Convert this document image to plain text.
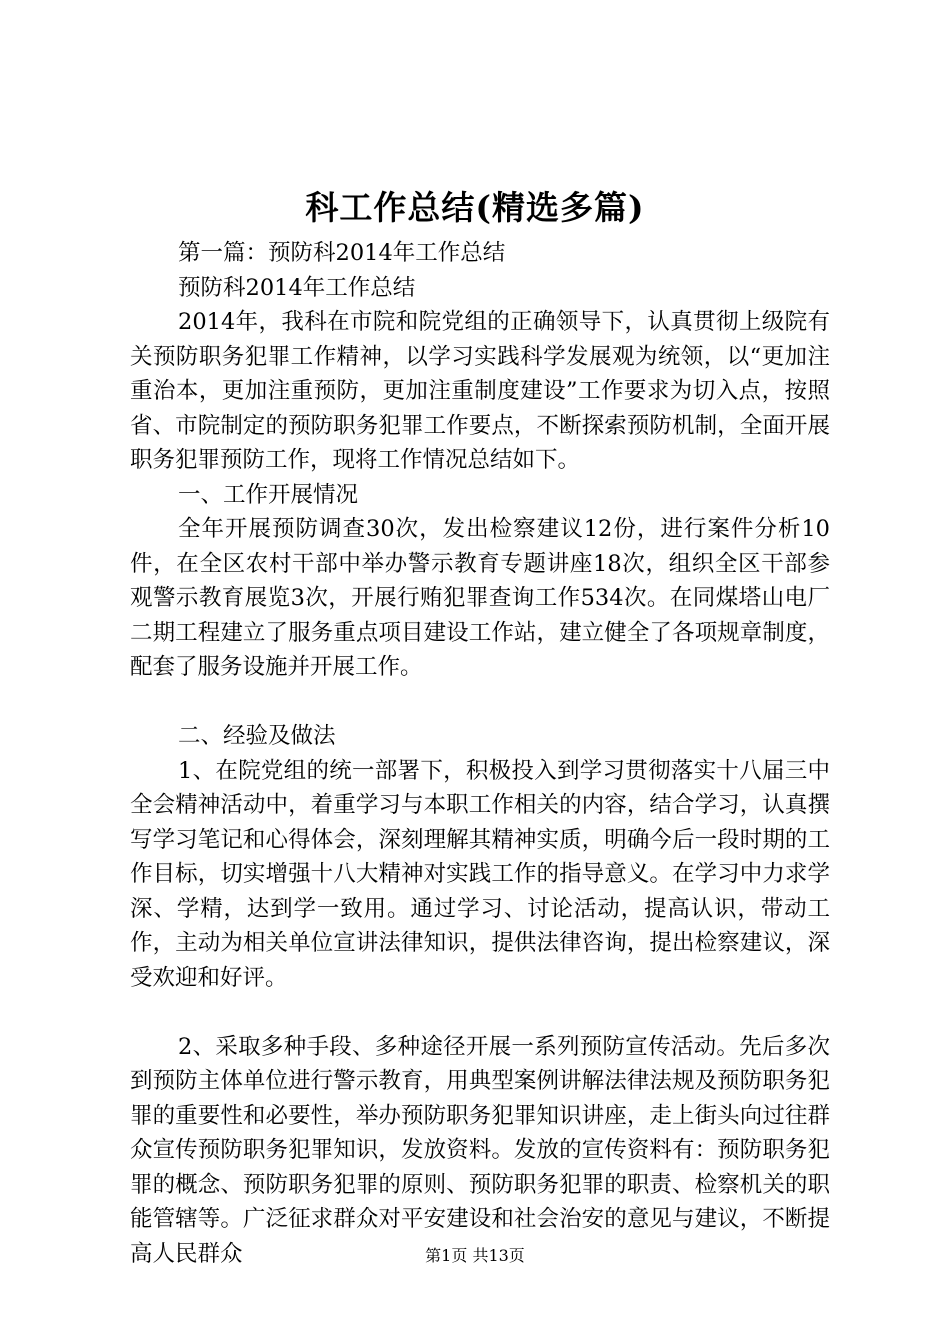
科工作总结(精选多篇)

第一篇：预防科2014年工作总结

预防科2014年工作总结

2014年，我科在市院和院党组的正确领导下，认真贯彻上级院有关预防职务犯罪工作精神，以学习实践科学发展观为统领，以“更加注重治本，更加注重预防，更加注重制度建设”工作要求为切入点，按照省、市院制定的预防职务犯罪工作要点，不断探索预防机制，全面开展职务犯罪预防工作，现将工作情况总结如下。

一、工作开展情况

全年开展预防调查30次，发出检察建议12份，进行案件分析10件，在全区农村干部中举办警示教育专题讲座18次，组织全区干部参观警示教育展览3次，开展行贿犯罪查询工作534次。在同煤塔山电厂二期工程建立了服务重点项目建设工作站，建立健全了各项规章制度，配套了服务设施并开展工作。

二、经验及做法

1、在院党组的统一部署下，积极投入到学习贯彻落实十八届三中全会精神活动中，着重学习与本职工作相关的内容，结合学习，认真撰写学习笔记和心得体会，深刻理解其精神实质，明确今后一段时期的工作目标，切实增强十八大精神对实践工作的指导意义。在学习中力求学深、学精，达到学一致用。通过学习、讨论活动，提高认识，带动工作，主动为相关单位宣讲法律知识，提供法律咨询，提出检察建议，深受欢迎和好评。

2、采取多种手段、多种途径开展一系列预防宣传活动。先后多次到预防主体单位进行警示教育，用典型案例讲解法律法规及预防职务犯罪的重要性和必要性，举办预防职务犯罪知识讲座，走上街头向过往群众宣传预防职务犯罪知识，发放资料。发放的宣传资料有：预防职务犯罪的概念、预防职务犯罪的原则、预防职务犯罪的职责、检察机关的职能管辖等。广泛征求群众对平安建设和社会治安的意见与建议，不断提高人民群众	第1页 共13页
